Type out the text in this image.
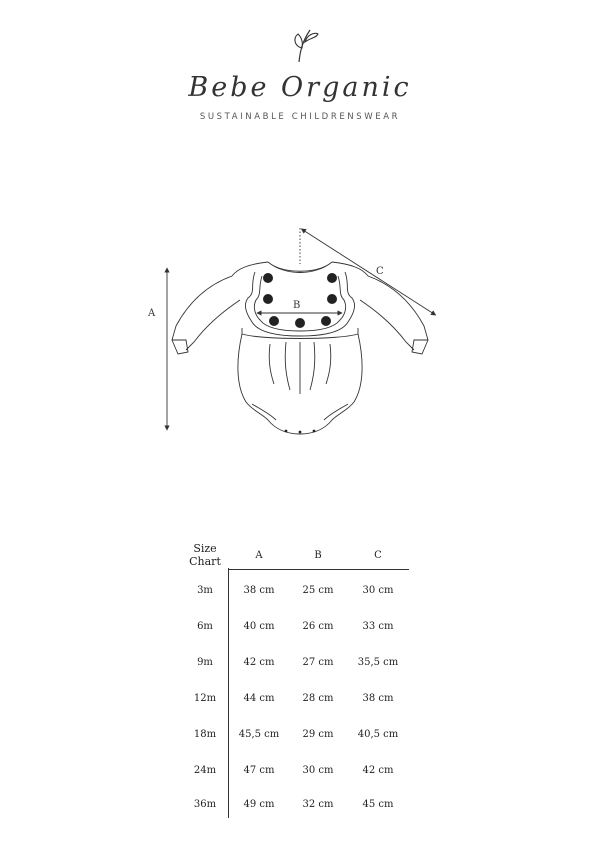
Bebe Organic
SUSTAINABLE CHILDRENSWEAR
A
B
C
Size
Chart	A	B	C
3m	38 cm	25 cm	30 cm
6m	40 cm	26 cm	33 cm
9m	42 cm	27 cm	35,5 cm
12m	44 cm	28 cm	38 cm
18m	45,5 cm	29 cm	40,5 cm
24m	47 cm	30 cm	42 cm
36m	49 cm	32 cm	45 cm
